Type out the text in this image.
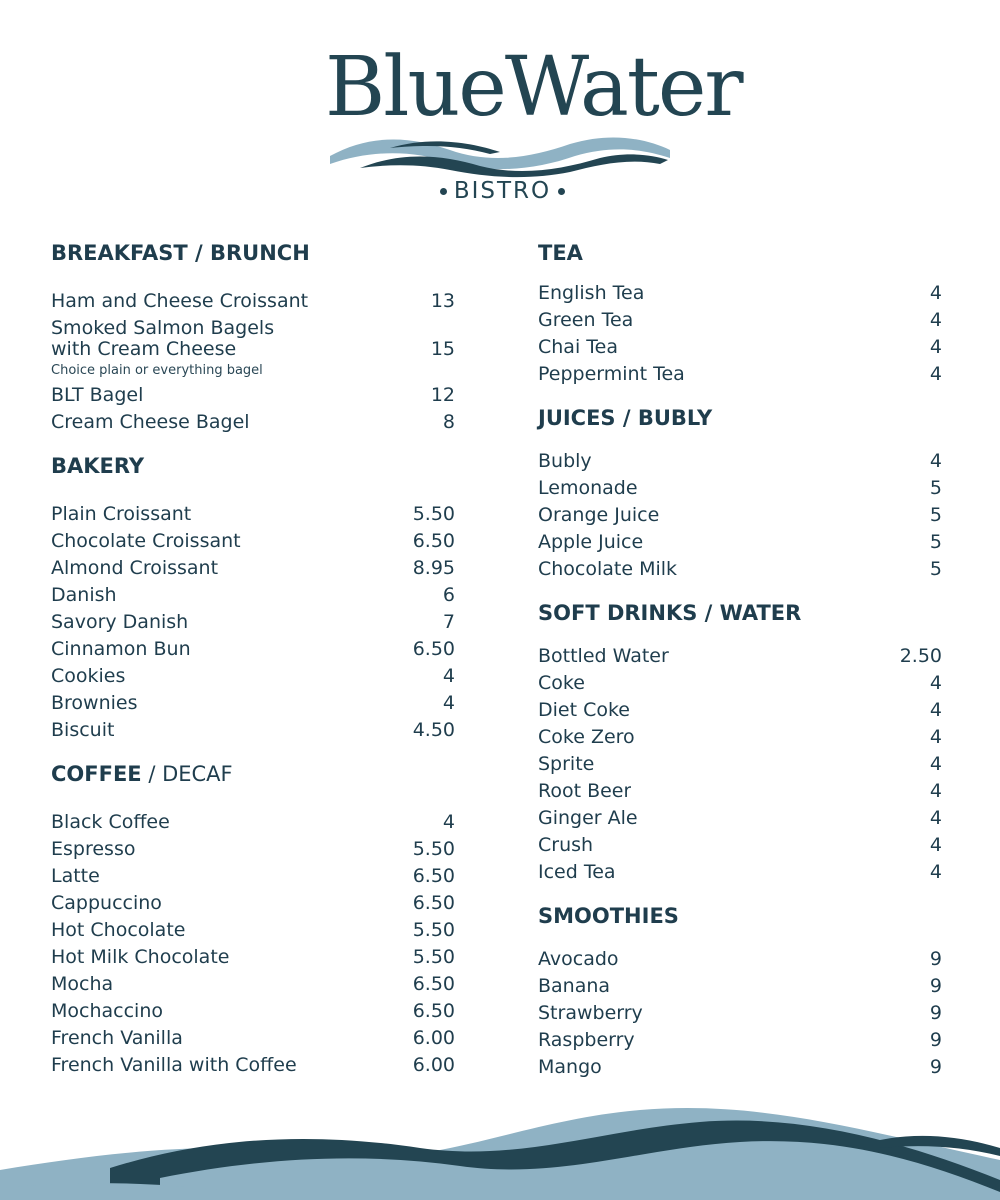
BlueWater
BISTRO
BREAKFAST / BRUNCH
Ham and Cheese Croissant	13
Smoked Salmon Bagels
with Cream Cheese	15
Choice plain or everything bagel
BLT Bagel	12
Cream Cheese Bagel	8
BAKERY
Plain Croissant	5.50
Chocolate Croissant	6.50
Almond Croissant	8.95
Danish	6
Savory Danish	7
Cinnamon Bun	6.50
Cookies	4
Brownies	4
Biscuit	4.50
COFFEE / DECAF
Black Coffee	4
Espresso	5.50
Latte	6.50
Cappuccino	6.50
Hot Chocolate	5.50
Hot Milk Chocolate	5.50
Mocha	6.50
Mochaccino	6.50
French Vanilla	6.00
French Vanilla with Coffee	6.00
TEA
English Tea	4
Green Tea	4
Chai Tea	4
Peppermint Tea	4
JUICES / BUBLY
Bubly	4
Lemonade	5
Orange Juice	5
Apple Juice	5
Chocolate Milk	5
SOFT DRINKS / WATER
Bottled Water	2.50
Coke	4
Diet Coke	4
Coke Zero	4
Sprite	4
Root Beer	4
Ginger Ale	4
Crush	4
Iced Tea	4
SMOOTHIES
Avocado	9
Banana	9
Strawberry	9
Raspberry	9
Mango	9
